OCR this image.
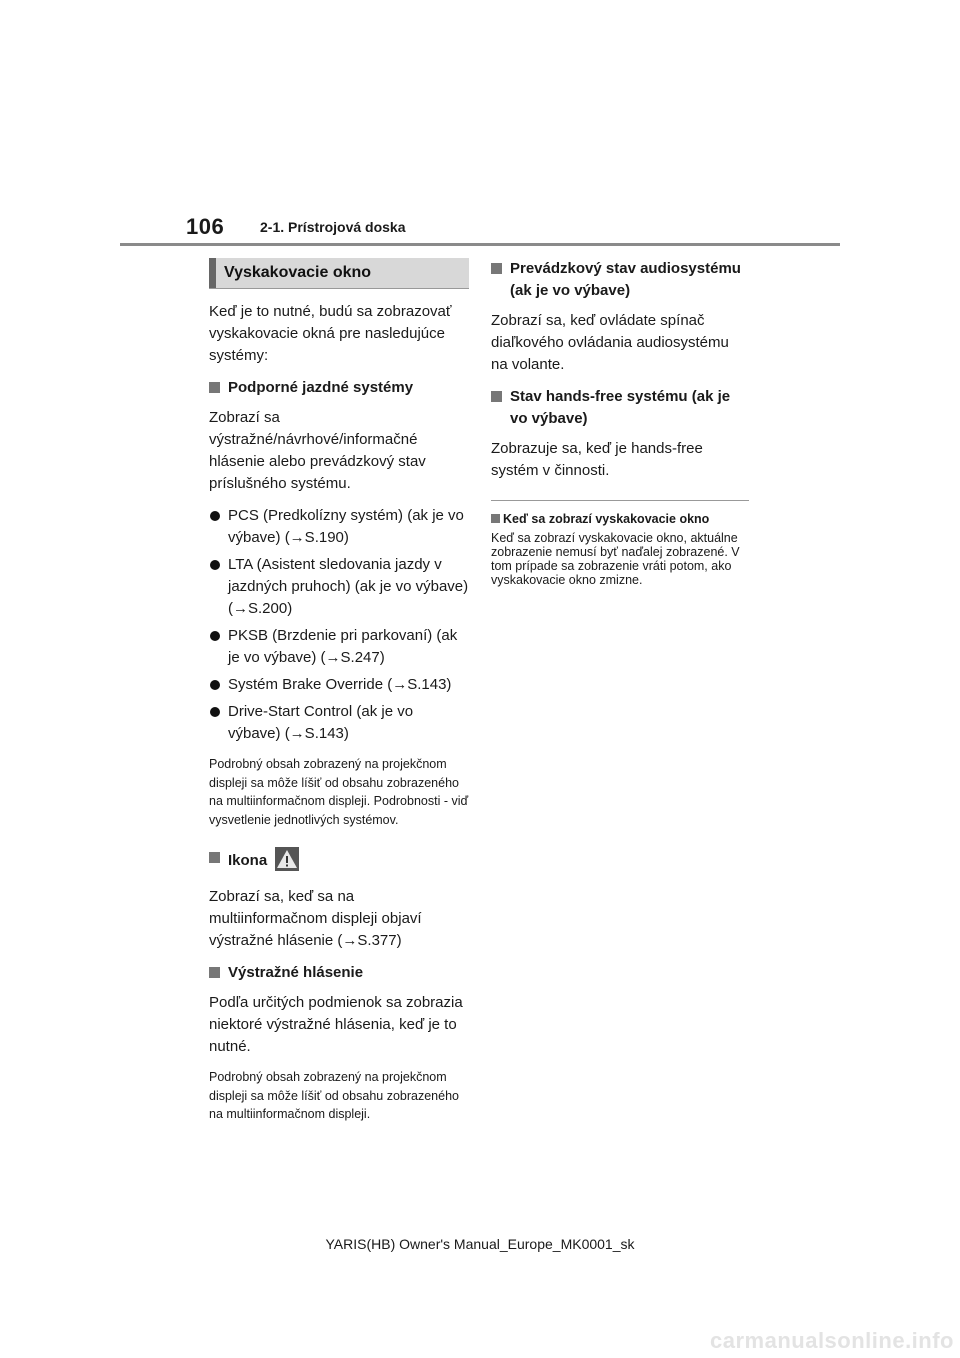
106	2-1. Prístrojová doska
Vyskakovacie okno

Keď je to nutné, budú sa zobrazovať vyskakovacie okná pre nasledujúce systémy:

Podporné jazdné systémy

Zobrazí sa výstražné/návrhové/informačné hlásenie alebo prevádzkový stav príslušného systému.

PCS (Predkolízny systém) (ak je vo výbave) (→S.190)
LTA (Asistent sledovania jazdy v jazdných pruhoch) (ak je vo výbave) (→S.200)
PKSB (Brzdenie pri parkovaní) (ak je vo výbave) (→S.247)
Systém Brake Override (→S.143)
Drive-Start Control (ak je vo výbave) (→S.143)

Podrobný obsah zobrazený na projekčnom displeji sa môže líšiť od obsahu zobrazeného na multiinformačnom displeji. Podrobnosti - viď vysvetlenie jednotlivých systémov.

Ikona

Zobrazí sa, keď sa na multiinformačnom displeji objaví výstražné hlásenie (→S.377)

Výstražné hlásenie

Podľa určitých podmienok sa zobrazia niektoré výstražné hlásenia, keď je to nutné.

Podrobný obsah zobrazený na projekčnom displeji sa môže líšiť od obsahu zobrazeného na multiinformačnom displeji.

Prevádzkový stav audiosystému (ak je vo výbave)

Zobrazí sa, keď ovládate spínač diaľkového ovládania audiosystému na volante.

Stav hands-free systému (ak je vo výbave)

Zobrazuje sa, keď je hands-free systém v činnosti.

Keď sa zobrazí vyskakovacie okno

Keď sa zobrazí vyskakovacie okno, aktuálne zobrazenie nemusí byť naďalej zobrazené. V tom prípade sa zobrazenie vráti potom, ako vyskakovacie okno zmizne.

YARIS(HB) Owner's Manual_Europe_MK0001_sk
carmanualsonline.info
